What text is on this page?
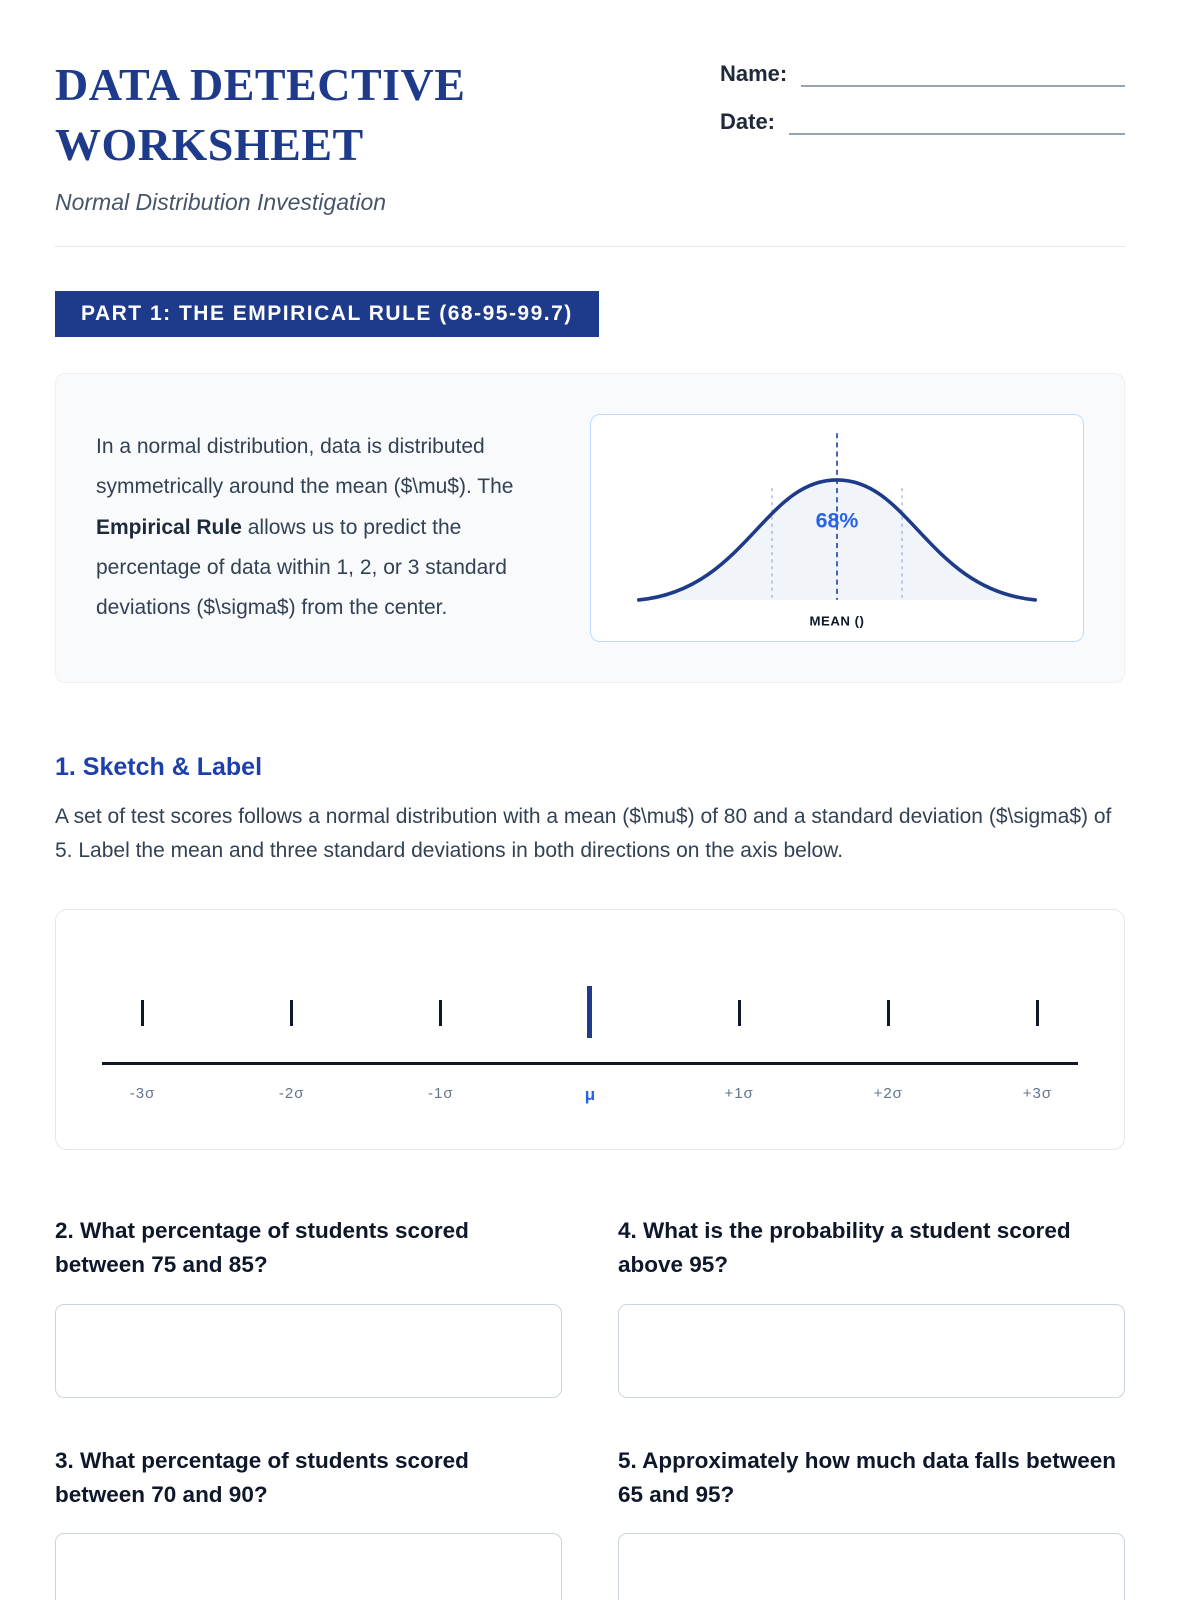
DATA DETECTIVE
WORKSHEET
Normal Distribution Investigation
Name:
Date:
PART 1: THE EMPIRICAL RULE (68-95-99.7)
In a normal distribution, data is distributed symmetrically around the mean ($\mu$). The Empirical Rule allows us to predict the percentage of data within 1, 2, or 3 standard deviations ($\sigma$) from the center.
68%
MEAN ()
1. Sketch & Label
A set of test scores follows a normal distribution with a mean ($\mu$) of 80 and a standard deviation ($\sigma$) of 5. Label the mean and three standard deviations in both directions on the axis below.
-3σ	-2σ	-1σ	μ	+1σ	+2σ	+3σ
2. What percentage of students scored between 75 and 85?
4. What is the probability a student scored above 95?
3. What percentage of students scored between 70 and 90?
5. Approximately how much data falls between 65 and 95?
